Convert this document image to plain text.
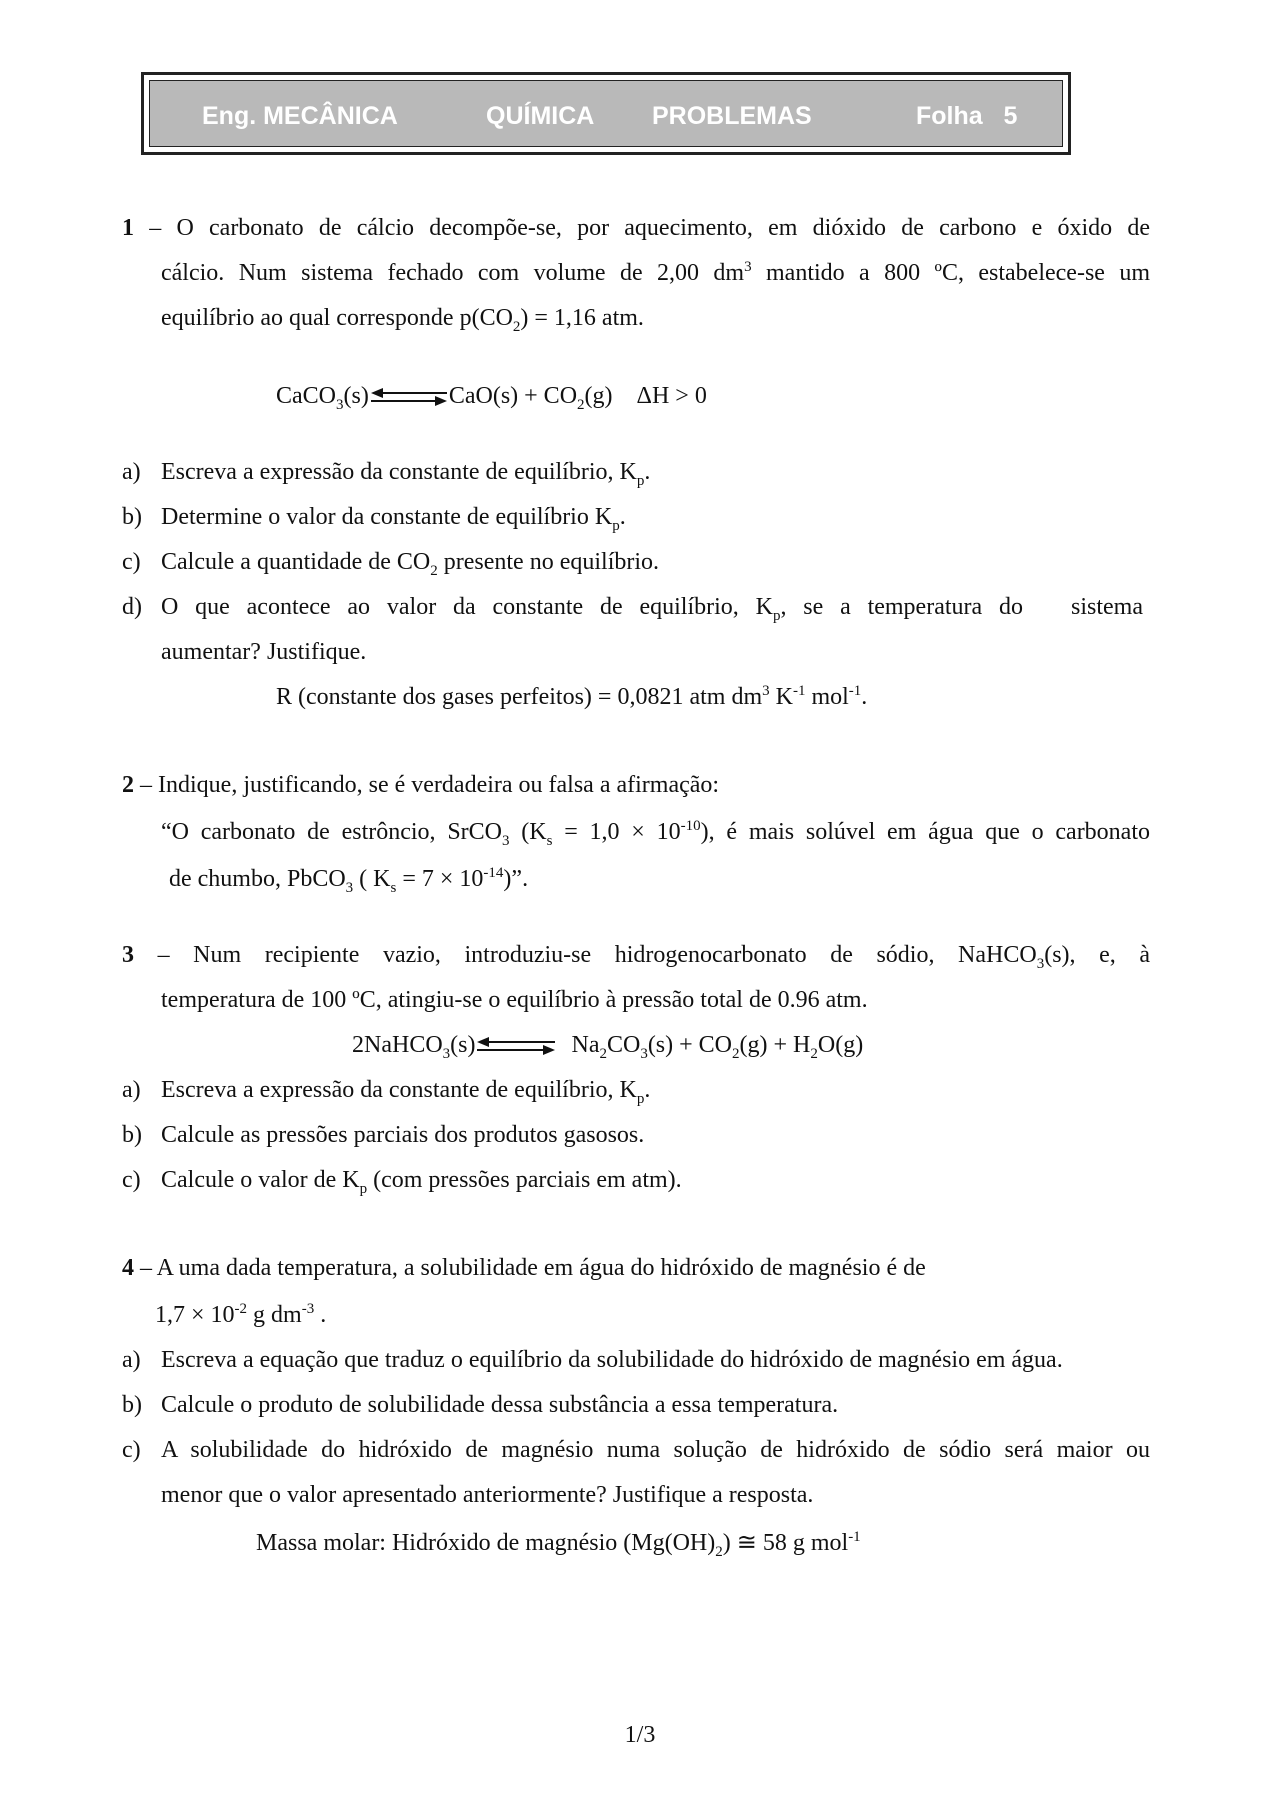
Eng. MECÂNICA	QUÍMICA PROBLEMAS	Folha   5
1 – O carbonato de cálcio decompõe-se, por aquecimento, em dióxido de carbono e óxido de
cálcio. Num sistema fechado com volume de 2,00 $dm^3$ mantido a 800 ºC, estabelece-se um
equilíbrio ao qual corresponde $p(CO_2) = 1,16$ atm.
CaCO$_3$(s)⇌CaO(s) + $CO_2(g)$    ΔH > 0
a) Escreva a expressão da constante de equilíbrio, $K_p$.
b) Determine o valor da constante de equilíbrio $K_p$.
c) Calcule a quantidade de $CO_2$ presente no equilíbrio.
d) O que acontece ao valor da constante de equilíbrio, $K_p$, se a temperatura do sistema
aumentar? Justifique.
R (constante dos gases perfeitos) = 0,0821 atm $dm^3$ $K^{-1}$ mol$^{-1}$.
2 – Indique, justificando, se é verdadeira ou falsa a afirmação:
“O carbonato de estrôncio, SrCO$_3$ $(K_s = 1,0 \times 10^{-10})$, é mais solúvel em água que o carbonato
de chumbo, PbCO$_3$ ( $K_s = 7 \times 10^{-14}$)”.
3 – Num recipiente vazio, introduziu-se hidrogenocarbonato de sódio, NaHCO$_3$(s), e, à
temperatura de 100 ºC, atingiu-se o equilíbrio à pressão total de 0.96 atm.
2NaHCO$_3$(s)⇌ $Na_2CO_3(s) + CO_2(g) + H_2O(g)$
a) Escreva a expressão da constante de equilíbrio, $K_p$.
b) Calcule as pressões parciais dos produtos gasosos.
c) Calcule o valor de $K_p$ (com pressões parciais em atm).
4 – A uma dada temperatura, a solubilidade em água do hidróxido de magnésio é de
$1,7 \times 10^{-2}$ g $dm^{-3}$ .
a) Escreva a equação que traduz o equilíbrio da solubilidade do hidróxido de magnésio em água.
b) Calcule o produto de solubilidade dessa substância a essa temperatura.
c) A solubilidade do hidróxido de magnésio numa solução de hidróxido de sódio será maior ou
menor que o valor apresentado anteriormente? Justifique a resposta.
Massa molar: Hidróxido de magnésio $(Mg(OH)_2)$ ≅ 58 g mol$^{-1}$
1/3
